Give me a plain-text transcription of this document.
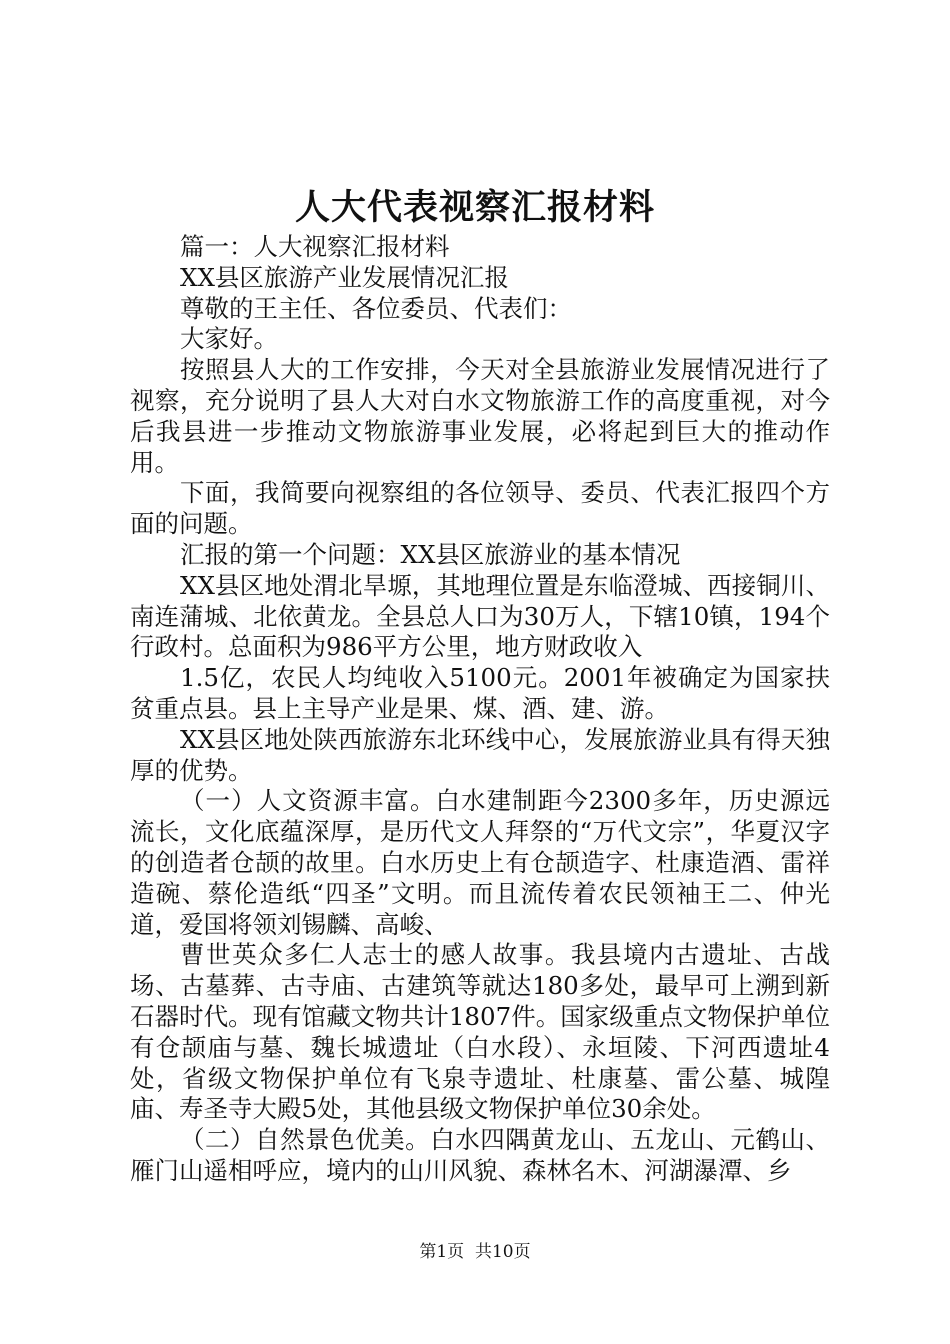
人大代表视察汇报材料

篇一：人大视察汇报材料

XX县区旅游产业发展情况汇报

尊敬的王主任、各位委员、代表们：

大家好。

按照县人大的工作安排，今天对全县旅游业发展情况进行了视察，充分说明了县人大对白水文物旅游工作的高度重视，对今后我县进一步推动文物旅游事业发展，必将起到巨大的推动作用。

下面，我简要向视察组的各位领导、委员、代表汇报四个方面的问题。

汇报的第一个问题：XX县区旅游业的基本情况

XX县区地处渭北旱塬，其地理位置是东临澄城、西接铜川、南连蒲城、北依黄龙。全县总人口为30万人，下辖10镇，194个行政村。总面积为986平方公里，地方财政收入

1.5亿，农民人均纯收入5100元。2001年被确定为国家扶贫重点县。县上主导产业是果、煤、酒、建、游。

XX县区地处陕西旅游东北环线中心，发展旅游业具有得天独厚的优势。

（一）人文资源丰富。白水建制距今2300多年，历史源远流长，文化底蕴深厚，是历代文人拜祭的“万代文宗”，华夏汉字的创造者仓颉的故里。白水历史上有仓颉造字、杜康造酒、雷祥造碗、蔡伦造纸“四圣”文明。而且流传着农民领袖王二、仲光道，爱国将领刘锡麟、高峻、

曹世英众多仁人志士的感人故事。我县境内古遗址、古战场、古墓葬、古寺庙、古建筑等就达180多处，最早可上溯到新石器时代。现有馆藏文物共计1807件。国家级重点文物保护单位有仓颉庙与墓、魏长城遗址（白水段）、永垣陵、下河西遗址4处，省级文物保护单位有飞泉寺遗址、杜康墓、雷公墓、城隍庙、寿圣寺大殿5处，其他县级文物保护单位30余处。

（二）自然景色优美。白水四隅黄龙山、五龙山、元鹤山、雁门山遥相呼应，境内的山川风貌、森林名木、河湖瀑潭、乡

第1页  共10页
